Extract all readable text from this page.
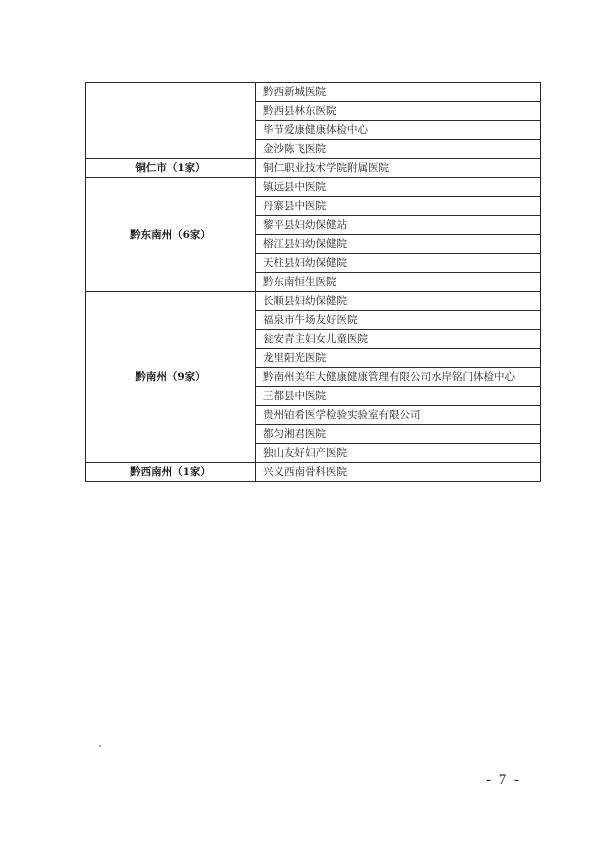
	黔西新城医院
	黔西县林东医院
	毕节爱康健康体检中心
	金沙陈飞医院
铜仁市（1家）	铜仁职业技术学院附属医院
黔东南州（6家）	镇远县中医院
	丹寨县中医院
	黎平县妇幼保健站
	榕江县妇幼保健院
	天柱县妇幼保健院
	黔东南恒生医院
黔南州（9家）	长顺县妇幼保健院
	福泉市牛场友好医院
	瓮安青主妇女儿童医院
	龙里阳光医院
	黔南州美年大健康健康管理有限公司水岸铭门体检中心
	三都县中医院
	贵州铂肴医学检验实验室有限公司
	都匀湘君医院
	独山友好妇产医院
黔西南州（1家）	兴义西南骨科医院
- 7 -
